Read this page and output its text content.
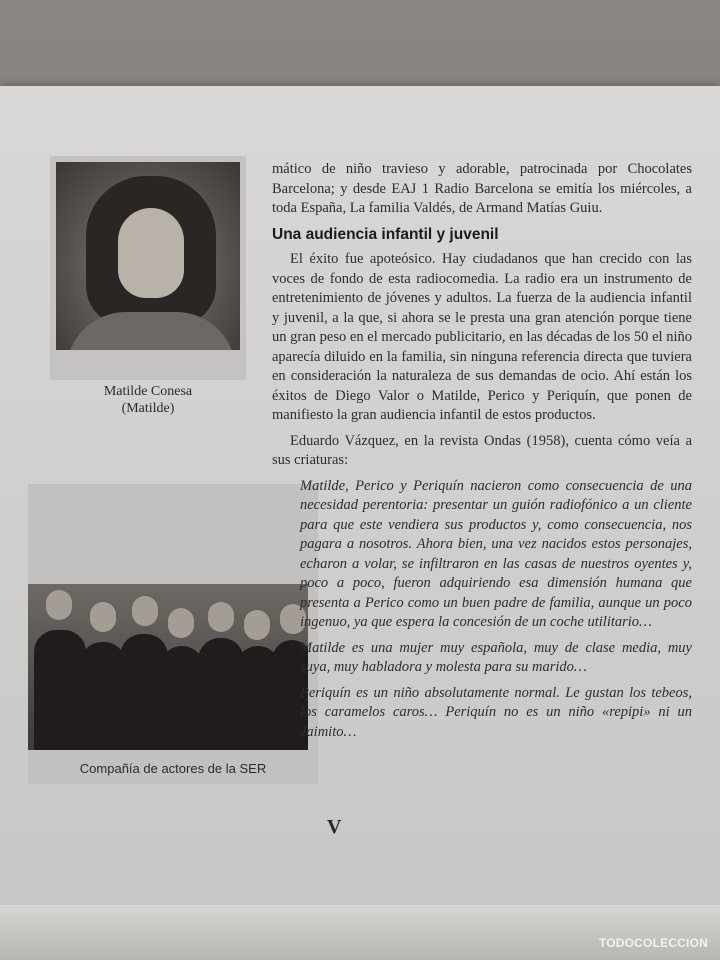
Matilde Conesa
(Matilde)
Compañía de actores de la SER

mático de niño travieso y adorable, patrocinada por Chocolates Barcelona; y desde EAJ 1 Radio Barcelona se emitía los miércoles, a toda España, La familia Valdés, de Armand Matías Guiu.

Una audiencia infantil y juvenil

El éxito fue apoteósico. Hay ciudadanos que han crecido con las voces de fondo de esta radiocomedia. La radio era un instrumento de entretenimiento de jóvenes y adultos. La fuerza de la audiencia infantil y juvenil, a la que, si ahora se le presta una gran atención porque tiene un gran peso en el mercado publicitario, en las décadas de los 50 el niño aparecía diluido en la familia, sin ninguna referencia directa que tuviera en consideración la naturaleza de sus demandas de ocio. Ahí están los éxitos de Diego Valor o Matilde, Perico y Periquín, que ponen de manifiesto la gran audiencia infantil de estos productos.

Eduardo Vázquez, en la revista Ondas (1958), cuenta cómo veía a sus criaturas:

Matilde, Perico y Periquín nacieron como consecuencia de una necesidad perentoria: presentar un guión radiofónico a un cliente para que este vendiera sus productos y, como consecuencia, nos pagara a nosotros. Ahora bien, una vez nacidos estos personajes, echaron a volar, se infiltraron en las casas de nuestros oyentes y, poco a poco, fueron adquiriendo esa dimensión humana que presenta a Perico como un buen padre de familia, aunque un poco ingenuo, ya que espera la concesión de un coche utilitario…

Matilde es una mujer muy española, muy de clase media, muy suya, muy habladora y molesta para su marido…

Periquín es un niño absolutamente normal. Le gustan los tebeos, los caramelos caros… Periquín no es un niño «repipi» ni un Jaimito…

V
TODOCOLECCION
